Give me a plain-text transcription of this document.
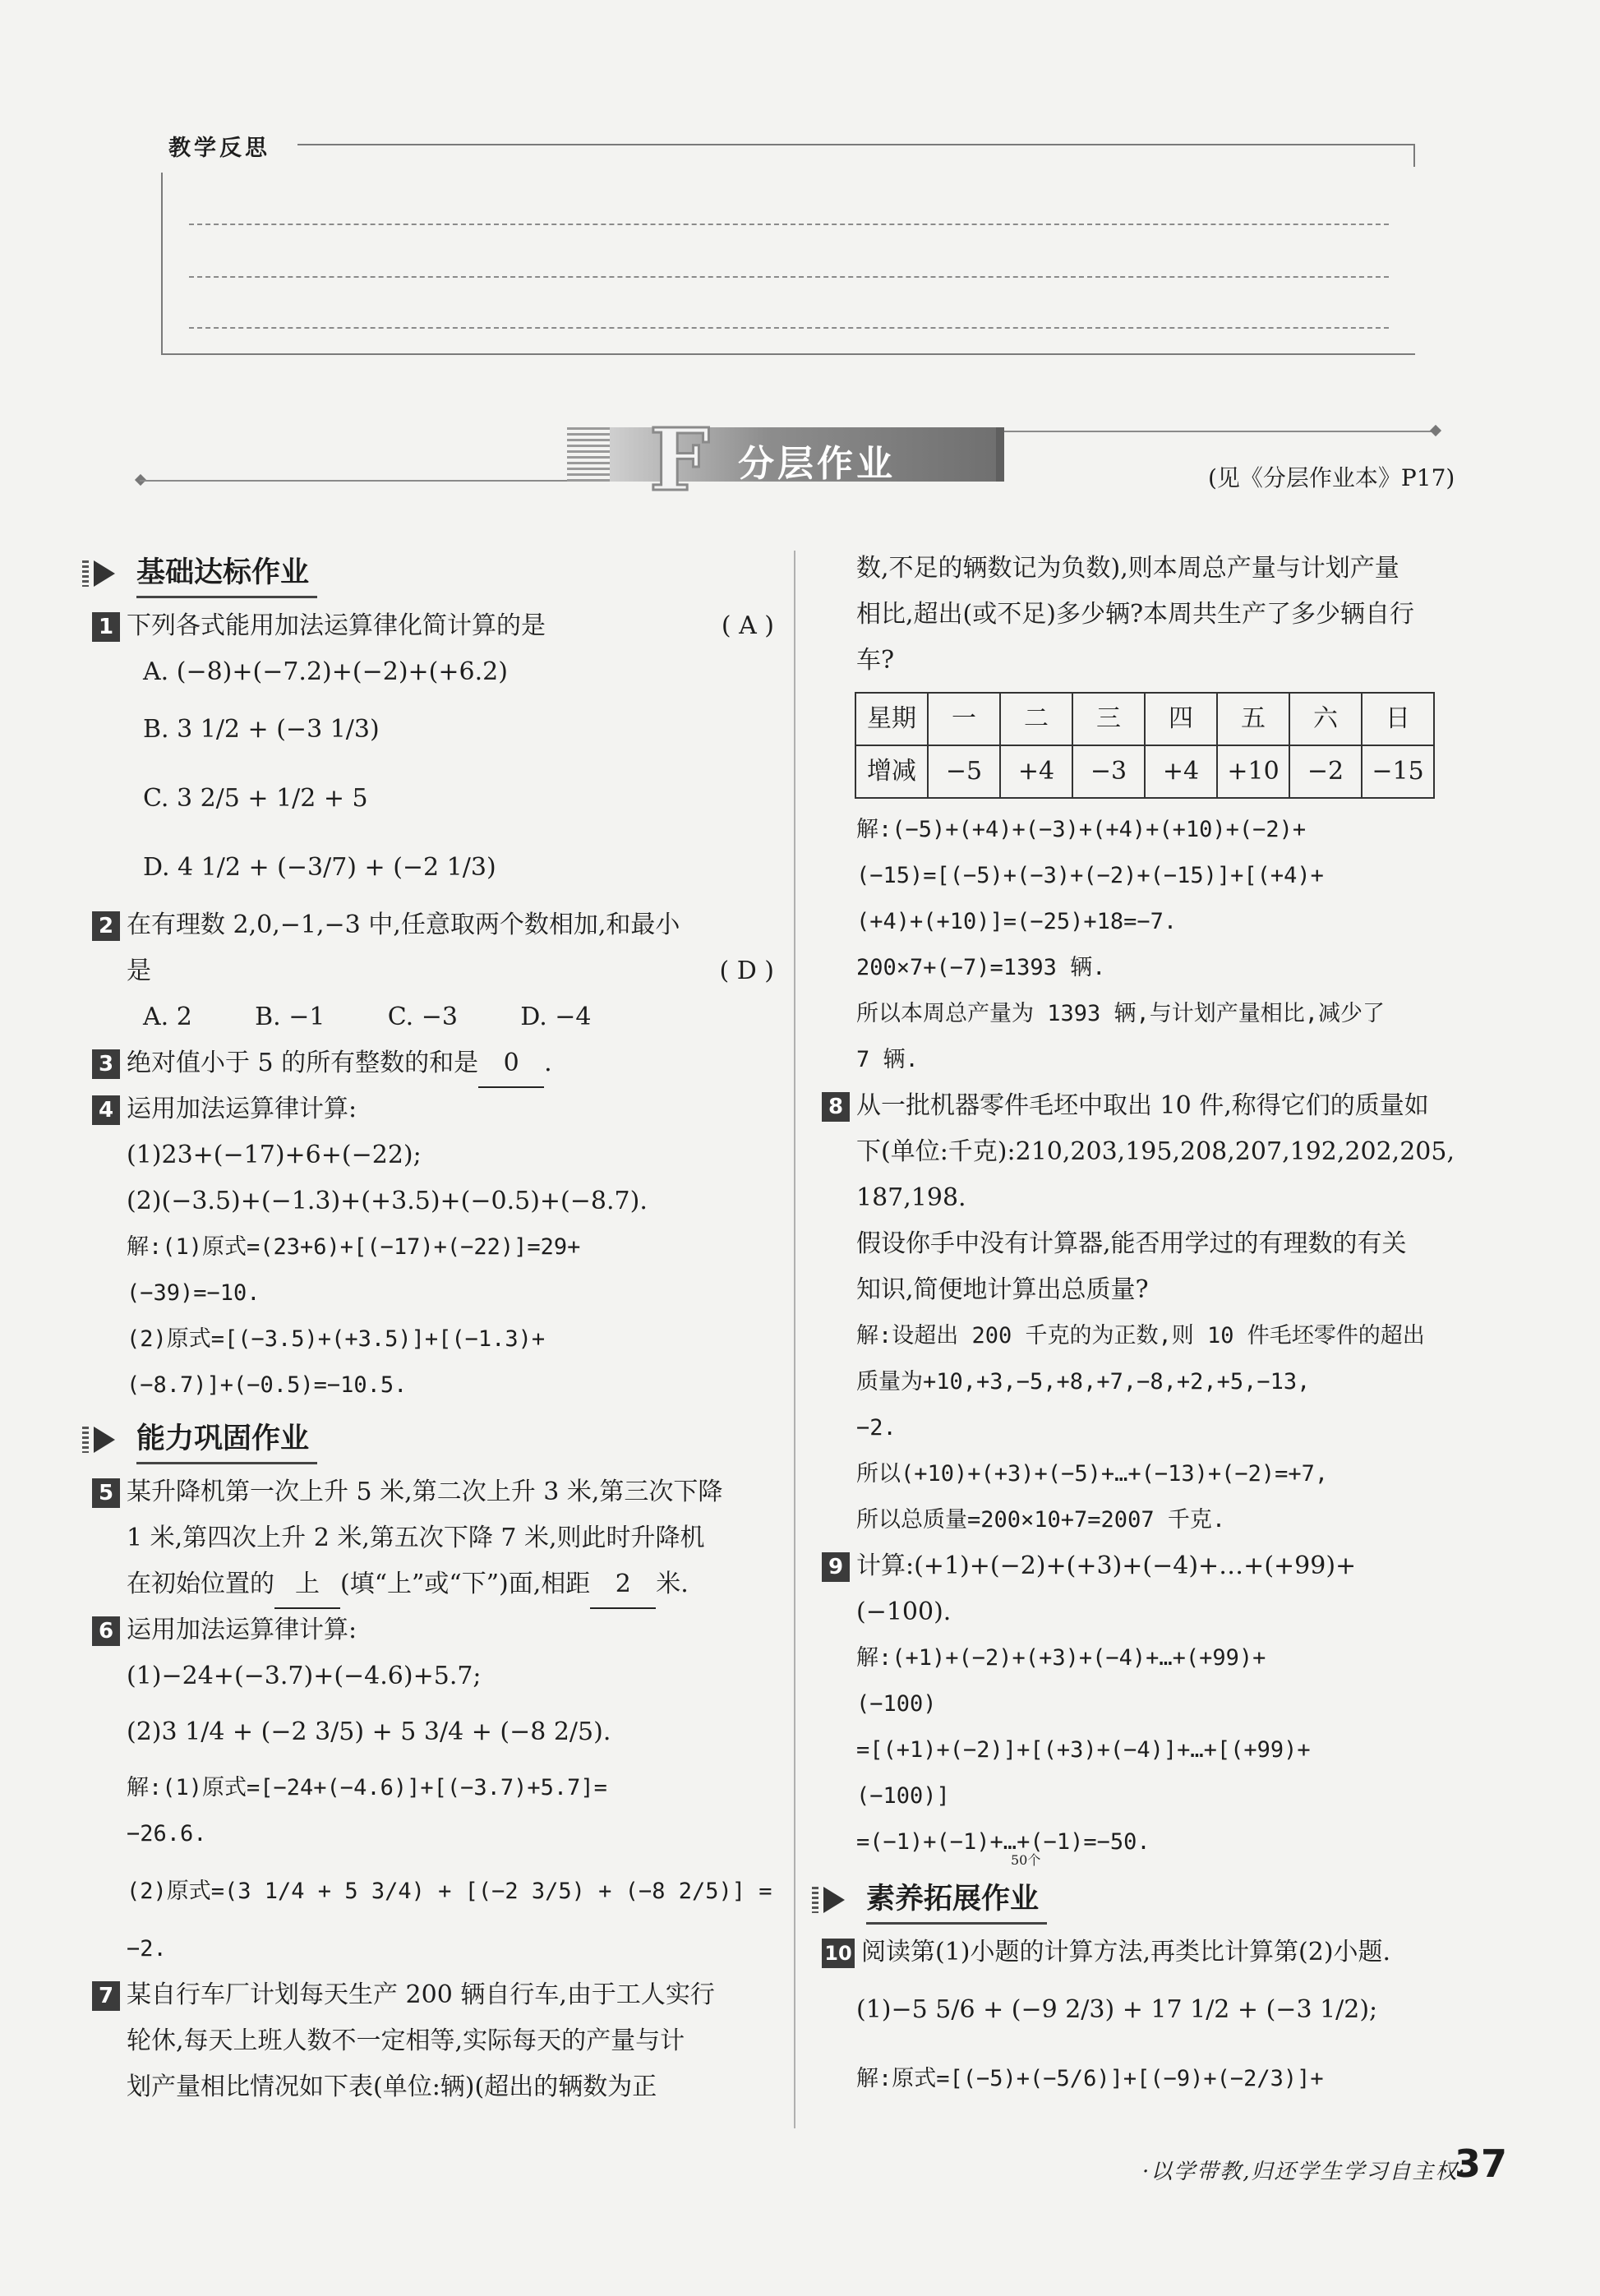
教学反思
F 分层作业	(见《分层作业本》P17)
基础达标作业
1 下列各式能用加法运算律化简计算的是	( A )
A. (−8)+(−7.2)+(−2)+(+6.2)
B. 3 1/2 + (−3 1/3)
C. 3 2/5 + 1/2 + 5
D. 4 1/2 + (−3/7) + (−2 1/3)
2 在有理数 2,0,−1,−3 中,任意取两个数相加,和最小
是	( D )
A. 2        B. −1        C. −3        D. −4
3 绝对值小于 5 的所有整数的和是 0 .
4 运用加法运算律计算:
(1)23+(−17)+6+(−22);
(2)(−3.5)+(−1.3)+(+3.5)+(−0.5)+(−8.7).
解:(1)原式=(23+6)+[(−17)+(−22)]=29+
(−39)=−10.
(2)原式=[(−3.5)+(+3.5)]+[(−1.3)+
(−8.7)]+(−0.5)=−10.5.
能力巩固作业
5 某升降机第一次上升 5 米,第二次上升 3 米,第三次下降
1 米,第四次上升 2 米,第五次下降 7 米,则此时升降机
在初始位置的 上 (填“上”或“下”)面,相距 2 米.
6 运用加法运算律计算:
(1)−24+(−3.7)+(−4.6)+5.7;
(2)3 1/4 + (−2 3/5) + 5 3/4 + (−8 2/5).
解:(1)原式=[−24+(−4.6)]+[(−3.7)+5.7]=
−26.6.
(2)原式=(3 1/4 + 5 3/4) + [(−2 3/5) + (−8 2/5)] =
−2.
7 某自行车厂计划每天生产 200 辆自行车,由于工人实行
轮休,每天上班人数不一定相等,实际每天的产量与计
划产量相比情况如下表(单位:辆)(超出的辆数为正
数,不足的辆数记为负数),则本周总产量与计划产量
相比,超出(或不足)多少辆?本周共生产了多少辆自行
车?
星期	一	二	三	四	五	六	日
增减	−5	+4	−3	+4	+10	−2	−15
解:(−5)+(+4)+(−3)+(+4)+(+10)+(−2)+
(−15)=[(−5)+(−3)+(−2)+(−15)]+[(+4)+
(+4)+(+10)]=(−25)+18=−7.
200×7+(−7)=1393 辆.
所以本周总产量为 1393 辆,与计划产量相比,减少了
7 辆.
8 从一批机器零件毛坯中取出 10 件,称得它们的质量如
下(单位:千克):210,203,195,208,207,192,202,205,
187,198.
假设你手中没有计算器,能否用学过的有理数的有关
知识,简便地计算出总质量?
解:设超出 200 千克的为正数,则 10 件毛坯零件的超出
质量为+10,+3,−5,+8,+7,−8,+2,+5,−13,
−2.
所以(+10)+(+3)+(−5)+…+(−13)+(−2)=+7,
所以总质量=200×10+7=2007 千克.
9 计算:(+1)+(−2)+(+3)+(−4)+…+(+99)+
(−100).
解:(+1)+(−2)+(+3)+(−4)+…+(+99)+
(−100)
=[(+1)+(−2)]+[(+3)+(−4)]+…+[(+99)+
(−100)]
=(−1)+(−1)+…+(−1)=−50.
50个
素养拓展作业
10 阅读第(1)小题的计算方法,再类比计算第(2)小题.
(1)−5 5/6 + (−9 2/3) + 17 1/2 + (−3 1/2);
解:原式=[(−5)+(−5/6)]+[(−9)+(−2/3)]+
·以学带教,归还学生学习自主权·
37
